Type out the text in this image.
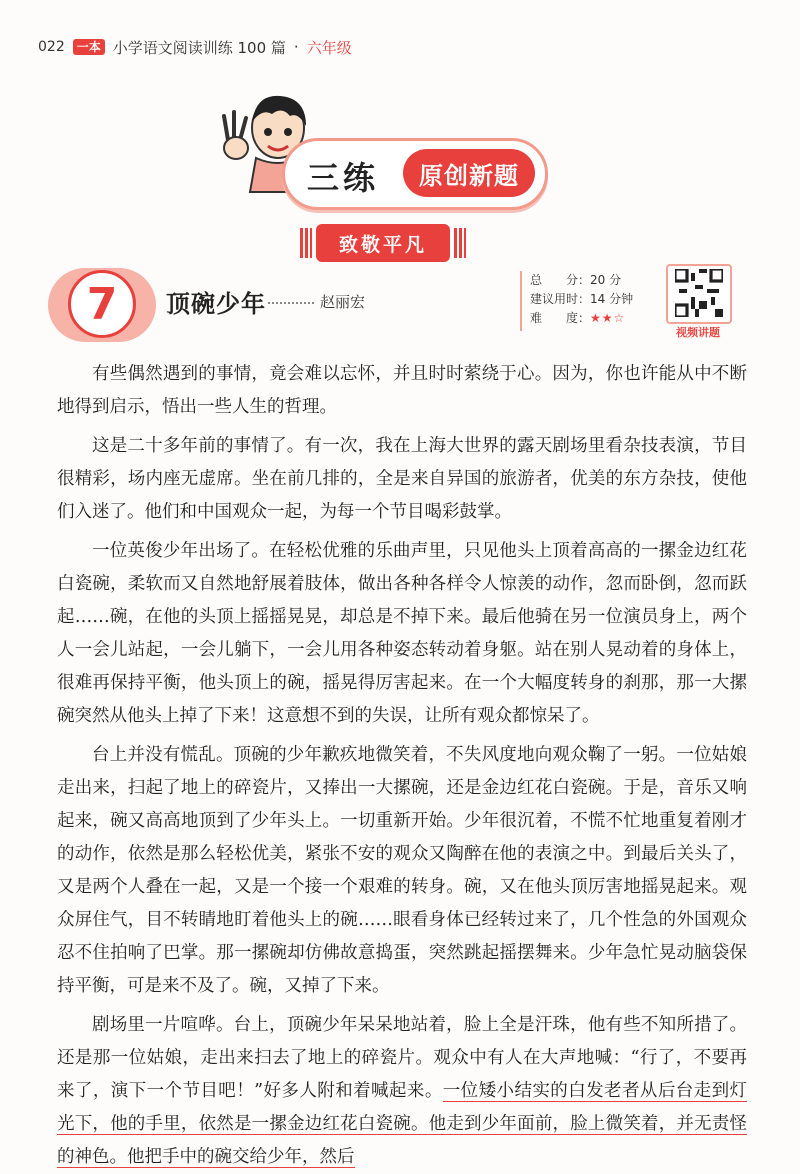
022	一本 小学语文阅读训练 100 篇 · 六年级
三练	原创新题
致敬平凡
7	顶碗少年	赵丽宏
总　　分：20 分
建议用时：14 分钟
难　　度：★★☆
视频讲题

有些偶然遇到的事情，竟会难以忘怀，并且时时萦绕于心。因为，你也许能从中不断地得到启示，悟出一些人生的哲理。

这是二十多年前的事情了。有一次，我在上海大世界的露天剧场里看杂技表演，节目很精彩，场内座无虚席。坐在前几排的，全是来自异国的旅游者，优美的东方杂技，使他们入迷了。他们和中国观众一起，为每一个节目喝彩鼓掌。

一位英俊少年出场了。在轻松优雅的乐曲声里，只见他头上顶着高高的一摞金边红花白瓷碗，柔软而又自然地舒展着肢体，做出各种各样令人惊羡的动作，忽而卧倒，忽而跃起……碗，在他的头顶上摇摇晃晃，却总是不掉下来。最后他骑在另一位演员身上，两个人一会儿站起，一会儿躺下，一会儿用各种姿态转动着身躯。站在别人晃动着的身体上，很难再保持平衡，他头顶上的碗，摇晃得厉害起来。在一个大幅度转身的刹那，那一大摞碗突然从他头上掉了下来！这意想不到的失误，让所有观众都惊呆了。

台上并没有慌乱。顶碗的少年歉疚地微笑着，不失风度地向观众鞠了一躬。一位姑娘走出来，扫起了地上的碎瓷片，又捧出一大摞碗，还是金边红花白瓷碗。于是，音乐又响起来，碗又高高地顶到了少年头上。一切重新开始。少年很沉着，不慌不忙地重复着刚才的动作，依然是那么轻松优美，紧张不安的观众又陶醉在他的表演之中。到最后关头了，又是两个人叠在一起，又是一个接一个艰难的转身。碗，又在他头顶厉害地摇晃起来。观众屏住气，目不转睛地盯着他头上的碗……眼看身体已经转过来了，几个性急的外国观众忍不住拍响了巴掌。那一摞碗却仿佛故意捣蛋，突然跳起摇摆舞来。少年急忙晃动脑袋保持平衡，可是来不及了。碗，又掉了下来。

剧场里一片喧哗。台上，顶碗少年呆呆地站着，脸上全是汗珠，他有些不知所措了。还是那一位姑娘，走出来扫去了地上的碎瓷片。观众中有人在大声地喊：“行了，不要再来了，演下一个节目吧！”好多人附和着喊起来。一位矮小结实的白发老者从后台走到灯光下，他的手里，依然是一摞金边红花白瓷碗。他走到少年面前，脸上微笑着，并无责怪的神色。他把手中的碗交给少年，然后
